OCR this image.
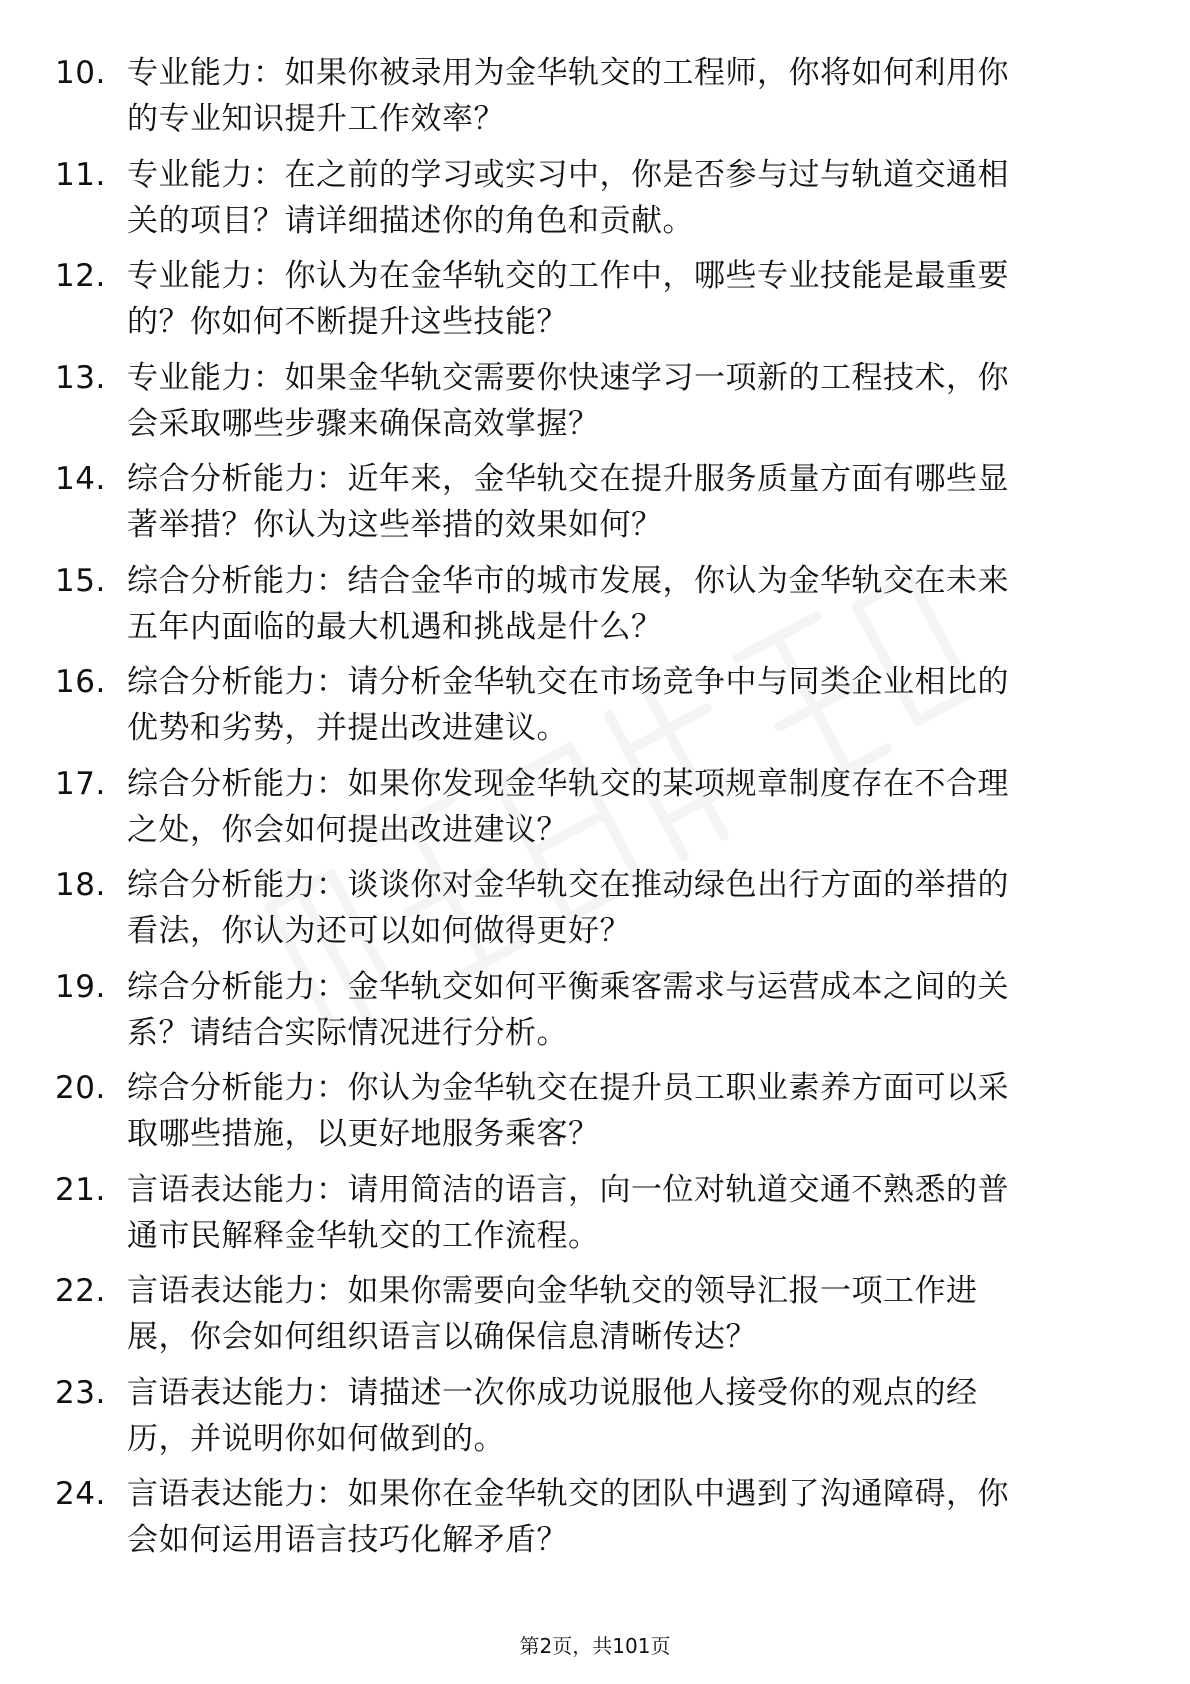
10. 专业能力：如果你被录用为金华轨交的工程师，你将如何利用你
的专业知识提升工作效率？
11. 专业能力：在之前的学习或实习中，你是否参与过与轨道交通相
关的项目？请详细描述你的角色和贡献。
12. 专业能力：你认为在金华轨交的工作中，哪些专业技能是最重要
的？你如何不断提升这些技能？
13. 专业能力：如果金华轨交需要你快速学习一项新的工程技术，你
会采取哪些步骤来确保高效掌握？
14. 综合分析能力：近年来，金华轨交在提升服务质量方面有哪些显
著举措？你认为这些举措的效果如何？
15. 综合分析能力：结合金华市的城市发展，你认为金华轨交在未来
五年内面临的最大机遇和挑战是什么？
16. 综合分析能力：请分析金华轨交在市场竞争中与同类企业相比的
优势和劣势，并提出改进建议。
17. 综合分析能力：如果你发现金华轨交的某项规章制度存在不合理
之处，你会如何提出改进建议？
18. 综合分析能力：谈谈你对金华轨交在推动绿色出行方面的举措的
看法，你认为还可以如何做得更好？
19. 综合分析能力：金华轨交如何平衡乘客需求与运营成本之间的关
系？请结合实际情况进行分析。
20. 综合分析能力：你认为金华轨交在提升员工职业素养方面可以采
取哪些措施，以更好地服务乘客？
21. 言语表达能力：请用简洁的语言，向一位对轨道交通不熟悉的普
通市民解释金华轨交的工作流程。
22. 言语表达能力：如果你需要向金华轨交的领导汇报一项工作进
展，你会如何组织语言以确保信息清晰传达？
23. 言语表达能力：请描述一次你成功说服他人接受你的观点的经
历，并说明你如何做到的。
24. 言语表达能力：如果你在金华轨交的团队中遇到了沟通障碍，你
会如何运用语言技巧化解矛盾？
第2页，共101页
